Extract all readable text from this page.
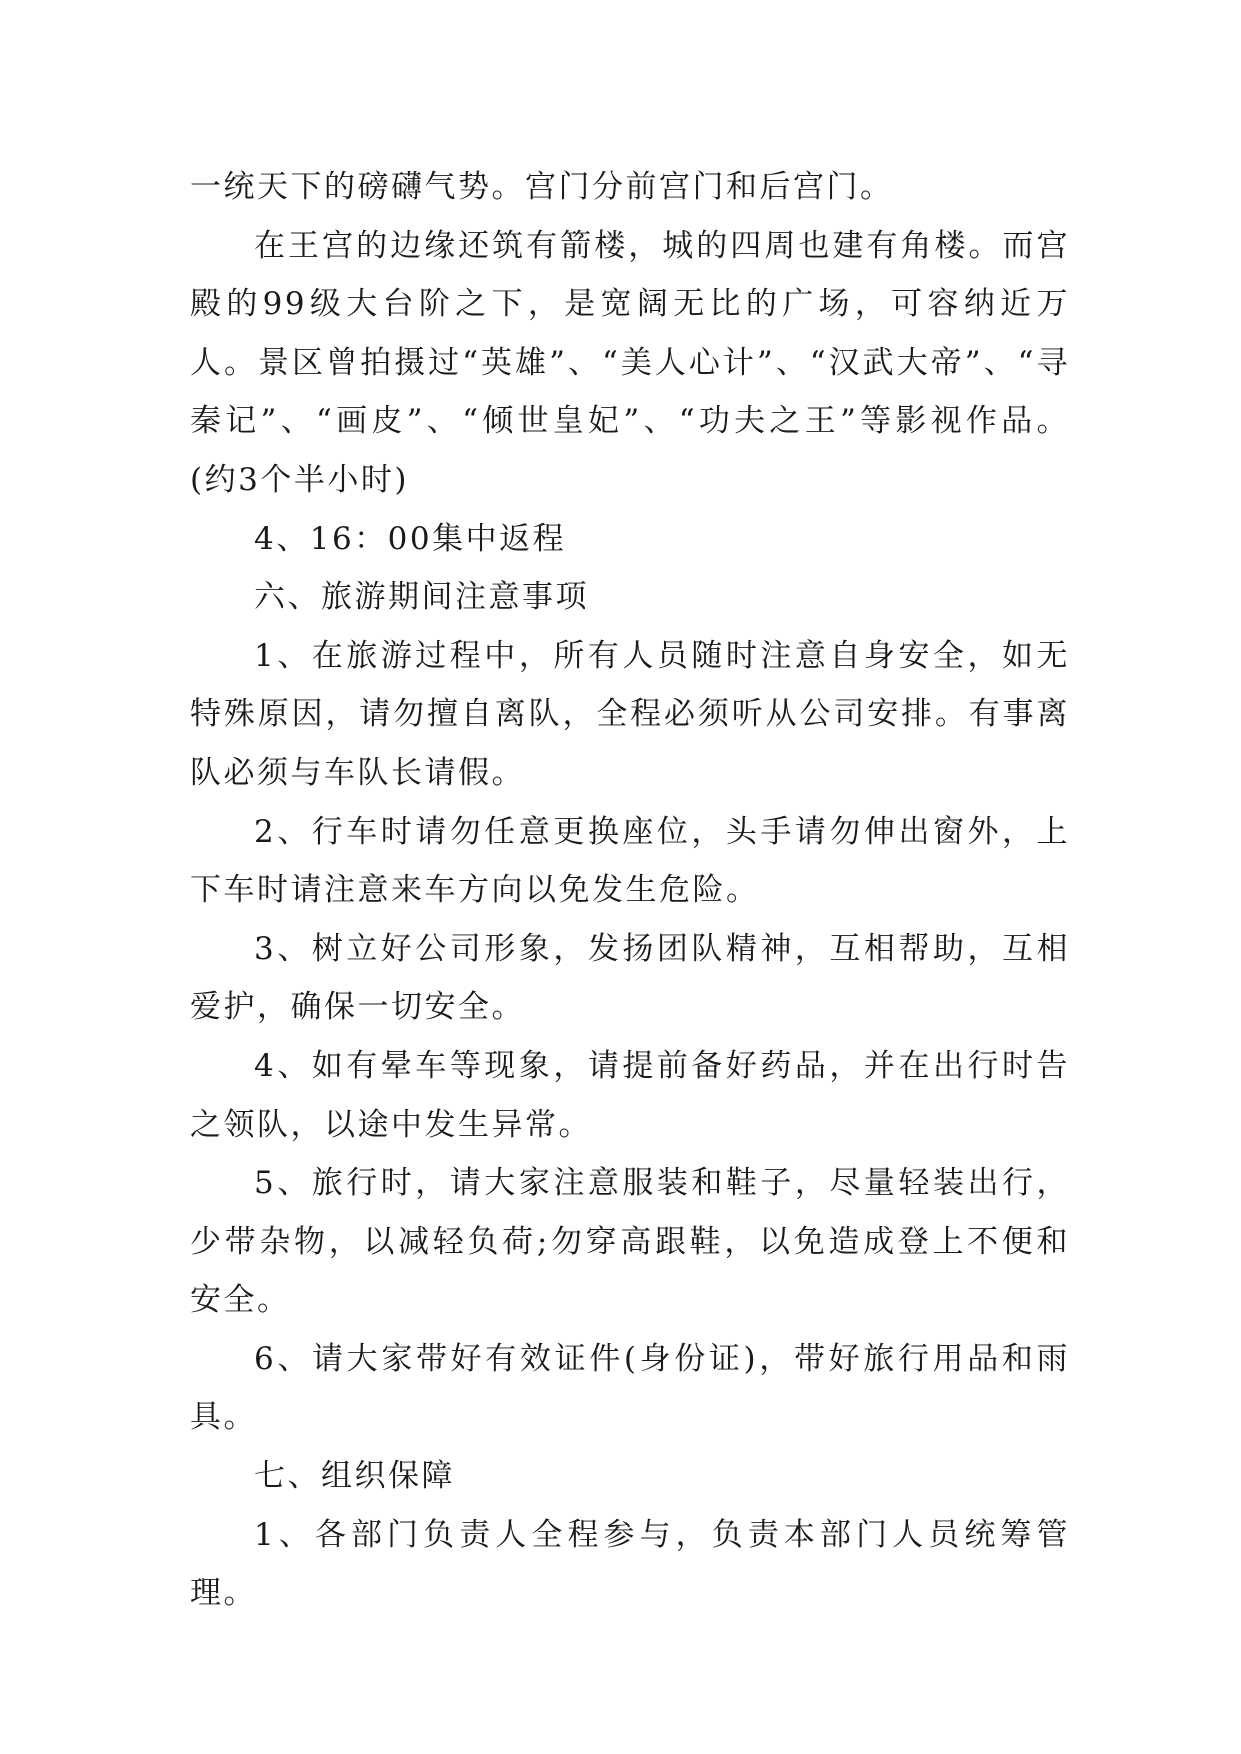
一统天下的磅礴气势。宫门分前宫门和后宫门。

在王宫的边缘还筑有箭楼，城的四周也建有角楼。而宫殿的99级大台阶之下，是宽阔无比的广场，可容纳近万人。景区曾拍摄过“英雄”、“美人心计”、“汉武大帝”、“寻秦记”、“画皮”、“倾世皇妃”、“功夫之王”等影视作品。(约3个半小时)

4、16：00集中返程

六、旅游期间注意事项

1、在旅游过程中，所有人员随时注意自身安全，如无特殊原因，请勿擅自离队，全程必须听从公司安排。有事离队必须与车队长请假。

2、行车时请勿任意更换座位，头手请勿伸出窗外，上下车时请注意来车方向以免发生危险。

3、树立好公司形象，发扬团队精神，互相帮助，互相爱护，确保一切安全。

4、如有晕车等现象，请提前备好药品，并在出行时告之领队，以途中发生异常。

5、旅行时，请大家注意服装和鞋子，尽量轻装出行，少带杂物，以减轻负荷;勿穿高跟鞋，以免造成登上不便和安全。

6、请大家带好有效证件(身份证)，带好旅行用品和雨具。

七、组织保障

1、各部门负责人全程参与，负责本部门人员统筹管理。
